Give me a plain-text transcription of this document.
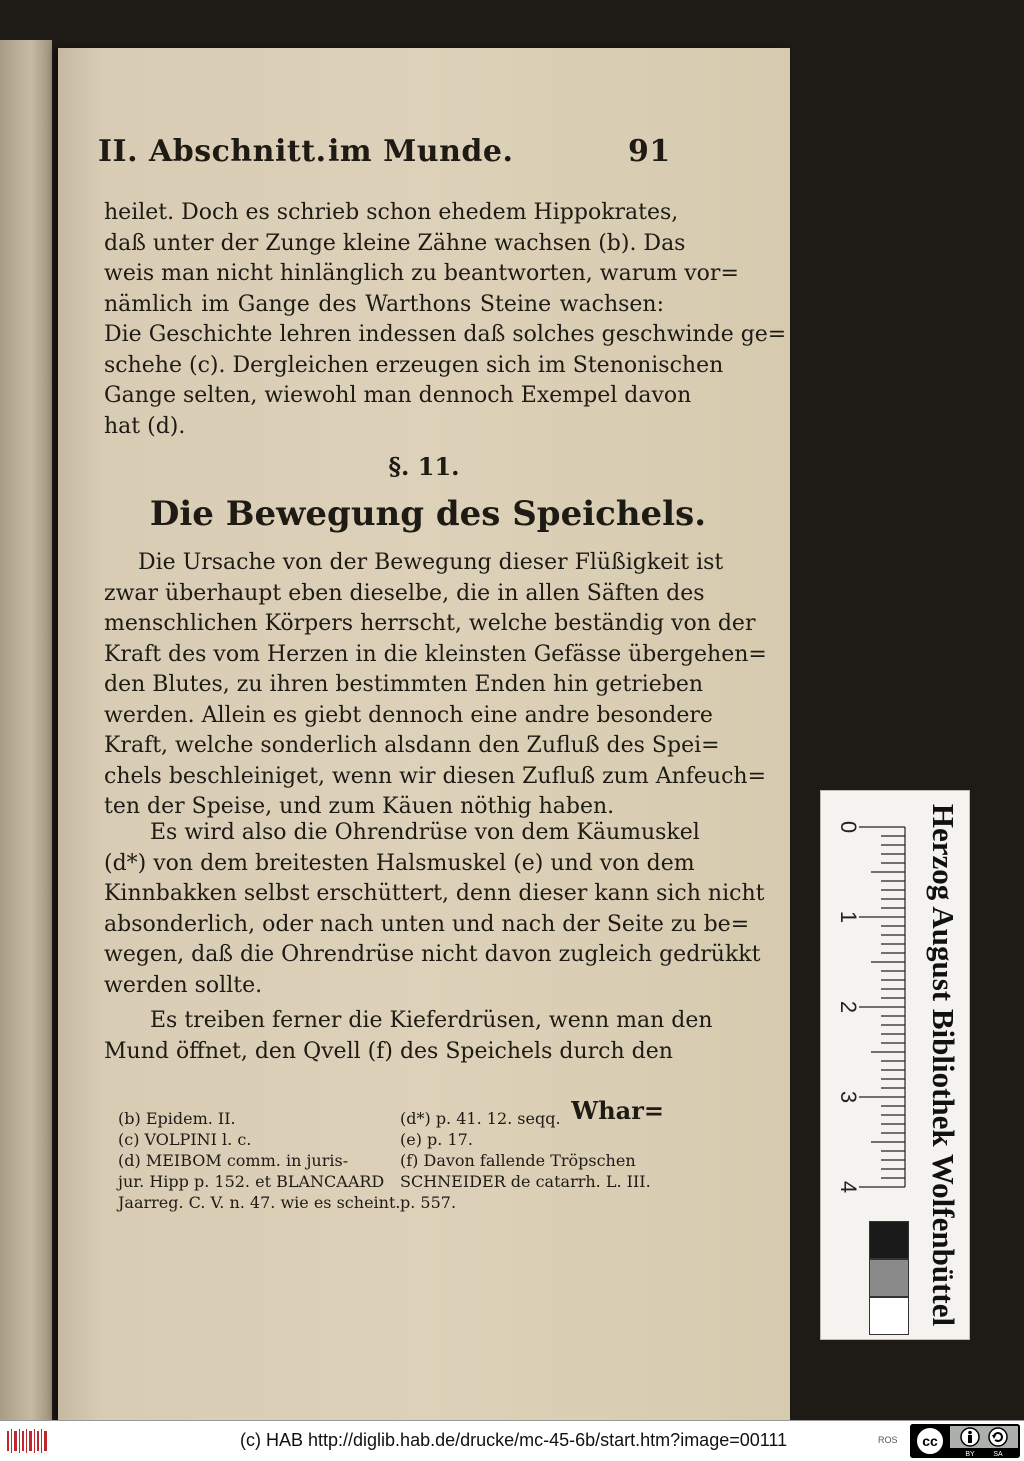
II. Abschnitt. im Munde.	91

heilet. Doch es schrieb schon ehedem Hippokrates,
daß unter der Zunge kleine Zähne wachsen (b). Das
weis man nicht hinlänglich zu beantworten, warum vor=
nämlich im Gange des Warthons Steine wachsen:
Die Geschichte lehren indessen daß solches geschwinde ge=
schehe (c). Dergleichen erzeugen sich im Stenonischen
Gange selten, wiewohl man dennoch Exempel davon
hat (d).

§. 11.
Die Bewegung des Speichels.

Die Ursache von der Bewegung dieser Flüßigkeit ist
zwar überhaupt eben dieselbe, die in allen Säften des
menschlichen Körpers herrscht, welche beständig von der
Kraft des vom Herzen in die kleinsten Gefässe übergehen=
den Blutes, zu ihren bestimmten Enden hin getrieben
werden. Allein es giebt dennoch eine andre besondere
Kraft, welche sonderlich alsdann den Zufluß des Spei=
chels beschleiniget, wenn wir diesen Zufluß zum Anfeuch=
ten der Speise, und zum Käuen nöthig haben.

Es wird also die Ohrendrüse von dem Käumuskel
(d*) von dem breitesten Halsmuskel (e) und von dem
Kinnbakken selbst erschüttert, denn dieser kann sich nicht
absonderlich, oder nach unten und nach der Seite zu be=
wegen, daß die Ohrendrüse nicht davon zugleich gedrükkt
werden sollte.

Es treiben ferner die Kieferdrüsen, wenn man den
Mund öffnet, den Qvell (f) des Speichels durch den

Whar=
(b) Epidem. II.
(c) VOLPINI l. c.
(d) MEIBOM comm. in juris-
jur. Hipp p. 152. et BLANCAARD
Jaarreg. C. V. n. 47. wie es scheint.
(d*) p. 41. 12. seqq.
(e) p. 17.
(f) Davon fallende Tröpschen
SCHNEIDER de catarrh. L. III.
p. 557.
0
1
2
3
4 Herzog August Bibliothek Wolfenbüttel
(c) HAB http://diglib.hab.de/drucke/mc-45-6b/start.htm?image=00111	ROS cc
BY	SA
